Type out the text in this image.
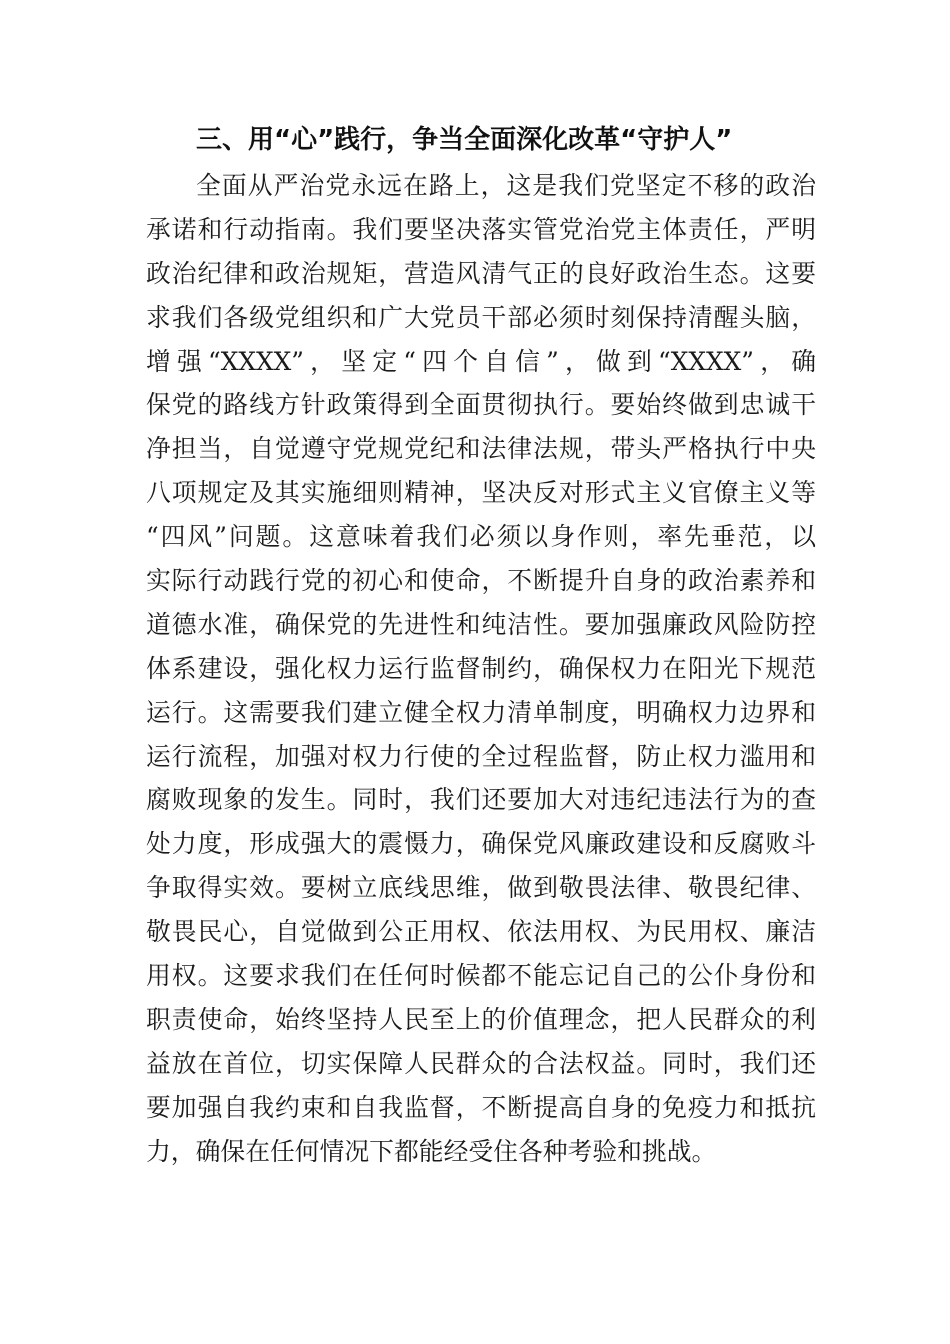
三、用“心”践行，争当全面深化改革“守护人”
全面从严治党永远在路上，这是我们党坚定不移的政治
承诺和行动指南。我们要坚决落实管党治党主体责任，严明
政治纪律和政治规矩，营造风清气正的良好政治生态。这要
求我们各级党组织和广大党员干部必须时刻保持清醒头脑，
增强“XXXX”，坚定“四个自信”，做到“XXXX”，确
保党的路线方针政策得到全面贯彻执行。要始终做到忠诚干
净担当，自觉遵守党规党纪和法律法规，带头严格执行中央
八项规定及其实施细则精神，坚决反对形式主义官僚主义等
“四风”问题。这意味着我们必须以身作则，率先垂范，以
实际行动践行党的初心和使命，不断提升自身的政治素养和
道德水准，确保党的先进性和纯洁性。要加强廉政风险防控
体系建设，强化权力运行监督制约，确保权力在阳光下规范
运行。这需要我们建立健全权力清单制度，明确权力边界和
运行流程，加强对权力行使的全过程监督，防止权力滥用和
腐败现象的发生。同时，我们还要加大对违纪违法行为的查
处力度，形成强大的震慑力，确保党风廉政建设和反腐败斗
争取得实效。要树立底线思维，做到敬畏法律、敬畏纪律、
敬畏民心，自觉做到公正用权、依法用权、为民用权、廉洁
用权。这要求我们在任何时候都不能忘记自己的公仆身份和
职责使命，始终坚持人民至上的价值理念，把人民群众的利
益放在首位，切实保障人民群众的合法权益。同时，我们还
要加强自我约束和自我监督，不断提高自身的免疫力和抵抗
力，确保在任何情况下都能经受住各种考验和挑战。
